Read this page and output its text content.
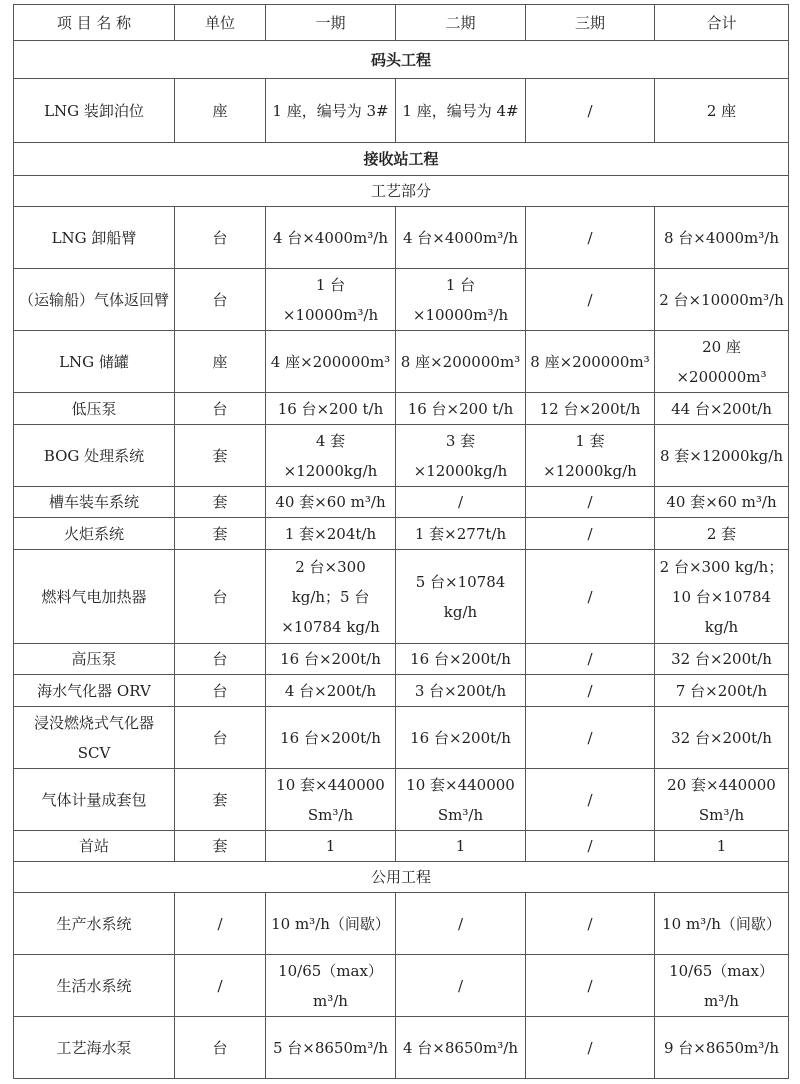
项 目 名 称	单位	一期	二期	三期	合计
码头工程					
LNG 装卸泊位	座	1 座，编号为 3#	1 座，编号为 4#	/	2 座
接收站工程					
工艺部分					
LNG 卸船臂	台	4 台×4000m³/h	4 台×4000m³/h	/	8 台×4000m³/h
（运输船）气体返回臂	台	1 台×10000m³/h	1 台×10000m³/h	/	2 台×10000m³/h
LNG 储罐	座	4 座×200000m³	8 座×200000m³	8 座×200000m³	20 座×200000m³
低压泵	台	16 台×200 t/h	16 台×200 t/h	12 台×200t/h	44 台×200t/h
BOG 处理系统	套	4 套×12000kg/h	3 套×12000kg/h	1 套×12000kg/h	8 套×12000kg/h
槽车装车系统	套	40 套×60 m³/h	/	/	40 套×60 m³/h
火炬系统	套	1 套×204t/h	1 套×277t/h	/	2 套
燃料气电加热器	台	2 台×300 kg/h；5 台×10784 kg/h	5 台×10784 kg/h	/	2 台×300 kg/h；10 台×10784 kg/h
高压泵	台	16 台×200t/h	16 台×200t/h	/	32 台×200t/h
海水气化器 ORV	台	4 台×200t/h	3 台×200t/h	/	7 台×200t/h
浸没燃烧式气化器 SCV	台	16 台×200t/h	16 台×200t/h	/	32 台×200t/h
气体计量成套包	套	10 套×440000 Sm³/h	10 套×440000 Sm³/h	/	20 套×440000 Sm³/h
首站	套	1	1	/	1
公用工程					
生产水系统	/	10 m³/h（间歇）	/	/	10 m³/h（间歇）
生活水系统	/	10/65（max）m³/h	/	/	10/65（max）m³/h
工艺海水泵	台	5 台×8650m³/h	4 台×8650m³/h	/	9 台×8650m³/h
